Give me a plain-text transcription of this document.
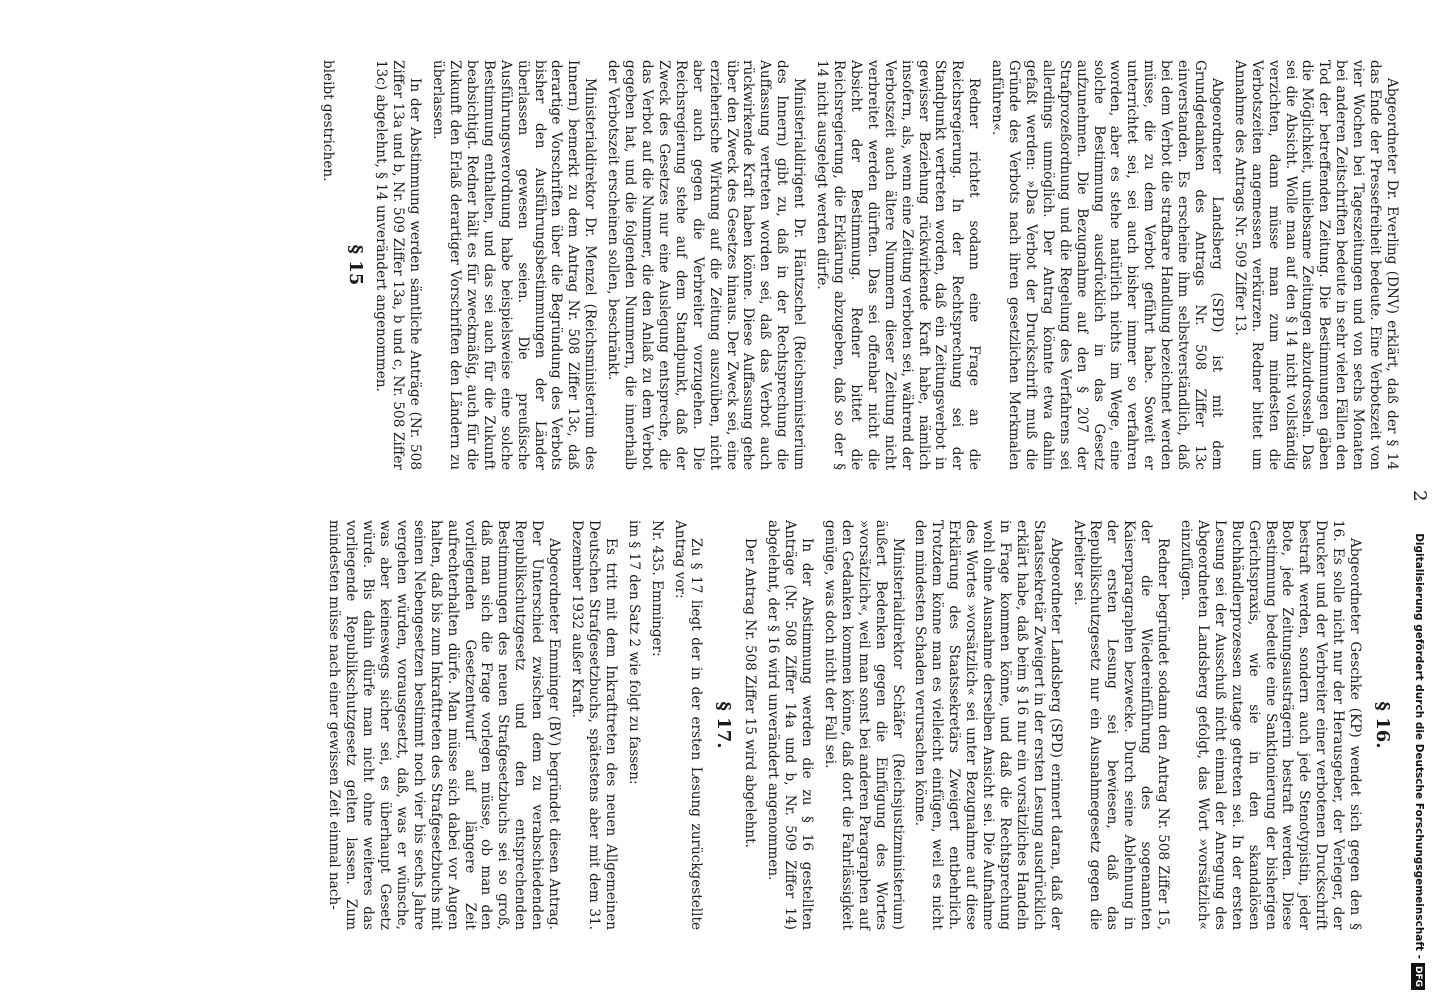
2

Abgeordneter Dr. Everling (DNV) erklärt, daß der § 14 das Ende der Pressefreiheit bedeute. Eine Verbotszeit von vier Wochen bei Tageszeitungen und von sechs Monaten bei anderen Zeitschriften bedeute in sehr vielen Fällen den Tod der betreffenden Zeitung. Die Bestimmungen gäben die Möglichkeit, unliebsame Zeitungen abzudrosseln. Das sei die Absicht. Wolle man auf den § 14 nicht vollständig verzichten, dann müsse man zum mindesten die Verbotszeiten angemessen verkürzen. Redner bittet um Annahme des Antrags Nr. 509 Ziffer 13.

Abgeordneter Landsberg (SPD) ist mit dem Grundgedanken des Antrags Nr. 508 Ziffer 13c einverstanden. Es erscheine ihm selbstverständlich, daß bei dem Verbot die strafbare Handlung bezeichnet werden müsse, die zu dem Verbot geführt habe. Soweit er unterrichtet sei, sei auch bisher immer so verfahren worden, aber es stehe natürlich nichts im Wege, eine solche Bestimmung ausdrücklich in das Gesetz aufzunehmen. Die Bezugnahme auf den § 207 der Strafprozeßordnung und die Regelung des Verfahrens sei allerdings unmöglich. Der Antrag könnte etwa dahin gefaßt werden: »Das Verbot der Druckschrift muß die Gründe des Verbots nach ihren gesetzlichen Merkmalen anführen«.

Redner richtet sodann eine Frage an die Reichsregierung. In der Rechtsprechung sei der Standpunkt vertreten worden, daß ein Zeitungsverbot in gewisser Beziehung rückwirkende Kraft habe, nämlich insofern, als, wenn eine Zeitung verboten sei, während der Verbotszeit auch ältere Nummern dieser Zeitung nicht verbreitet werden dürften. Das sei offenbar nicht die Absicht der Bestimmung. Redner bittet die Reichsregierung, die Erklärung abzugeben, daß so der § 14 nicht ausgelegt werden dürfe.

Ministerialdirigent Dr. Häntzschel (Reichsministerium des Innern) gibt zu, daß in der Rechtsprechung die Auffassung vertreten worden sei, daß das Verbot auch rückwirkende Kraft haben könne. Diese Auffassung gehe über den Zweck des Gesetzes hinaus. Der Zweck sei, eine erzieherische Wirkung auf die Zeitung auszuüben, nicht aber auch gegen die Verbreiter vorzugehen. Die Reichsregierung stehe auf dem Standpunkt, daß der Zweck des Gesetzes nur eine Auslegung entspreche, die das Verbot auf die Nummer, die den Anlaß zu dem Verbot gegeben hat, und die folgenden Nummern, die innerhalb der Verbotszeit erscheinen sollen, beschränkt.

Ministerialdirektor Dr. Menzel (Reichsministerium des Innern) bemerkt zu dem Antrag Nr. 508 Ziffer 13c, daß derartige Vorschriften über die Begründung des Verbots bisher den Ausführungsbestimmungen der Länder überlassen gewesen seien. Die preußische Ausführungsverordnung habe beispielsweise eine solche Bestimmung enthalten, und das sei auch für die Zukunft beabsichtigt. Redner hält es für zweckmäßig, auch für die Zukunft den Erlaß derartiger Vorschriften den Ländern zu überlassen.

In der Abstimmung werden sämtliche Anträge (Nr. 508 Ziffer 13a und b, Nr. 509 Ziffer 13a, b und c, Nr. 508 Ziffer 13c) abgelehnt, § 14 unverändert angenommen.

§ 15

bleibt gestrichen.

§ 16.

Abgeordneter Geschke (KP) wendet sich gegen den § 16. Es solle nicht nur der Herausgeber, der Verleger, der Drucker und der Verbreiter einer verbotenen Druckschrift bestraft werden, sondern auch jede Stenotypistin, jeder Bote, jede Zeitungsausträgerin bestraft werden. Diese Bestimmung bedeute eine Sanktionierung der bisherigen Gerichtspraxis, wie sie in den skandalösen Buchhändlerprozessen zutage getreten sei. In der ersten Lesung sei der Ausschuß nicht einmal der Anregung des Abgeordneten Landsberg gefolgt, das Wort »vorsätzlich« einzufügen.

Redner begründet sodann den Antrag Nr. 508 Ziffer 15, der die Wiedereinführung des sogenannten Kaiserparagraphen bezwecke. Durch seine Ablehnung in der ersten Lesung sei bewiesen, daß das Republikschutzgesetz nur ein Ausnahmegesetz gegen die Arbeiter sei.

Abgeordneter Landsberg (SPD) erinnert daran, daß der Staatssekretär Zweigert in der ersten Lesung ausdrücklich erklärt habe, daß beim § 16 nur ein vorsätzliches Handeln in Frage kommen könne, und daß die Rechtsprechung wohl ohne Ausnahme derselben Ansicht sei. Die Aufnahme des Wortes »vorsätzlich« sei unter Bezugnahme auf diese Erklärung des Staatssekretärs Zweigert entbehrlich. Trotzdem könne man es vielleicht einfügen, weil es nicht den mindesten Schaden verursachen könne.

Ministerialdirektor Schäfer (Reichsjustizministerium) äußert Bedenken gegen die Einfügung des Wortes »vorsätzlich«, weil man sonst bei anderen Paragraphen auf den Gedanken kommen könne, daß dort die Fahrlässigkeit genüge, was doch nicht der Fall sei.

In der Abstimmung werden die zu § 16 gestellten Anträge (Nr. 508 Ziffer 14a und b, Nr. 509 Ziffer 14) abgelehnt, der § 16 wird unverändert angenommen.

Der Antrag Nr. 508 Ziffer 15 wird abgelehnt.

§ 17.

Zu § 17 liegt der in der ersten Lesung zurückgestellte Antrag vor:

Nr. 435. Emminger:

im § 17 den Satz 2 wie folgt zu fassen:

Es tritt mit dem Inkrafttreten des neuen Allgemeinen Deutschen Strafgesetzbuchs, spätestens aber mit dem 31. Dezember 1932 außer Kraft.

Abgeordneter Emminger (BV) begründet diesen Antrag. Der Unterschied zwischen dem zu verabschiedenden Republikschutzgesetz und den entsprechenden Bestimmungen des neuen Strafgesetzbuchs sei so groß, daß man sich die Frage vorlegen müsse, ob man den vorliegenden Gesetzentwurf auf längere Zeit aufrechterhalten dürfe. Man müsse sich dabei vor Augen halten, daß bis zum Inkrafttreten des Strafgesetzbuchs mit seinen Nebengesetzen bestimmt noch vier bis sechs Jahre vergehen würden, vorausgesetzt, daß, was er wünsche, was aber keineswegs sicher sei, es überhaupt Gesetz würde. Bis dahin dürfe man nicht ohne weiteres das vorliegende Republikschutzgesetz gelten lassen. Zum mindesten müsse nach einer gewissen Zeit einmal nach-	Digitalisierung gefördert durch die Deutsche Forschungsgemeinschaft -DFG
